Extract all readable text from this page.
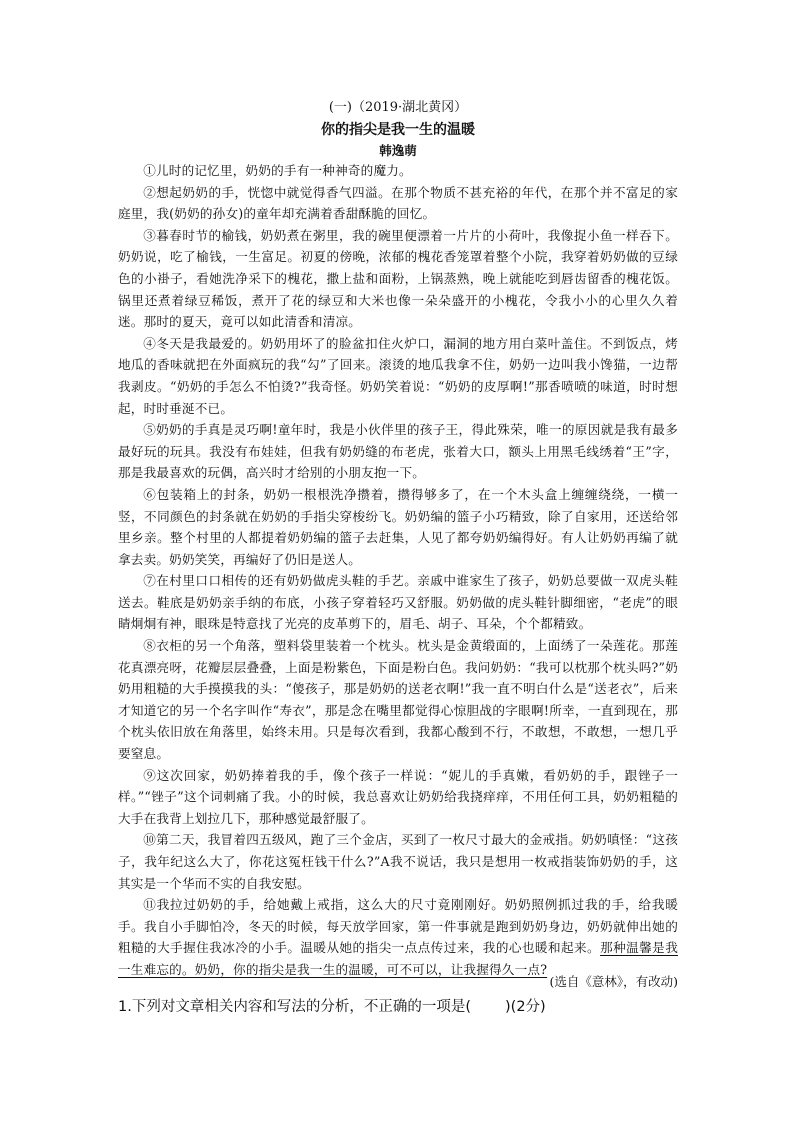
(一)（2019·湖北黄冈）
你的指尖是我一生的温暖
韩逸萌

①儿时的记忆里，奶奶的手有一种神奇的魔力。

②想起奶奶的手，恍惚中就觉得香气四溢。在那个物质不甚充裕的年代，在那个并不富足的家庭里，我(奶奶的孙女)的童年却充满着香甜酥脆的回忆。

③暮春时节的榆钱，奶奶煮在粥里，我的碗里便漂着一片片的小荷叶，我像捉小鱼一样吞下。奶奶说，吃了榆钱，一生富足。初夏的傍晚，浓郁的槐花香笼罩着整个小院，我穿着奶奶做的豆绿色的小褂子，看她洗净采下的槐花，撒上盐和面粉，上锅蒸熟，晚上就能吃到唇齿留香的槐花饭。锅里还煮着绿豆稀饭，煮开了花的绿豆和大米也像一朵朵盛开的小槐花，令我小小的心里久久着迷。那时的夏天，竟可以如此清香和清凉。

④冬天是我最爱的。奶奶用坏了的脸盆扣住火炉口，漏洞的地方用白菜叶盖住。不到饭点，烤地瓜的香味就把在外面疯玩的我“勾”了回来。滚烫的地瓜我拿不住，奶奶一边叫我小馋猫，一边帮我剥皮。“奶奶的手怎么不怕烫?”我奇怪。奶奶笑着说：“奶奶的皮厚啊!”那香喷喷的味道，时时想起，时时垂涎不已。

⑤奶奶的手真是灵巧啊!童年时，我是小伙伴里的孩子王，得此殊荣，唯一的原因就是我有最多最好玩的玩具。我没有布娃娃，但我有奶奶缝的布老虎，张着大口，额头上用黑毛线绣着“王”字，那是我最喜欢的玩偶，高兴时才给别的小朋友抱一下。

⑥包装箱上的封条，奶奶一根根洗净攒着，攒得够多了，在一个木头盒上缠缠绕绕，一横一竖，不同颜色的封条就在奶奶的手指尖穿梭纷飞。奶奶编的篮子小巧精致，除了自家用，还送给邻里乡亲。整个村里的人都提着奶奶编的篮子去赶集，人见了都夸奶奶编得好。有人让奶奶再编了就拿去卖。奶奶笑笑，再编好了仍旧是送人。

⑦在村里口口相传的还有奶奶做虎头鞋的手艺。亲戚中谁家生了孩子，奶奶总要做一双虎头鞋送去。鞋底是奶奶亲手纳的布底，小孩子穿着轻巧又舒服。奶奶做的虎头鞋针脚细密，“老虎”的眼睛炯炯有神，眼珠是特意找了光亮的皮革剪下的，眉毛、胡子、耳朵，个个都精致。

⑧衣柜的另一个角落，塑料袋里装着一个枕头。枕头是金黄缎面的，上面绣了一朵莲花。那莲花真漂亮呀，花瓣层层叠叠，上面是粉紫色，下面是粉白色。我问奶奶：“我可以枕那个枕头吗?”奶奶用粗糙的大手摸摸我的头：“傻孩子，那是奶奶的送老衣啊!”我一直不明白什么是“送老衣”，后来才知道它的另一个名字叫作“寿衣”，那是念在嘴里都觉得心惊胆战的字眼啊!所幸，一直到现在，那个枕头依旧放在角落里，始终未用。只是每次看到，我都心酸到不行，不敢想，不敢想，一想几乎要窒息。

⑨这次回家，奶奶捧着我的手，像个孩子一样说：“妮儿的手真嫩，看奶奶的手，跟锉子一样。”“锉子”这个词刺痛了我。小的时候，我总喜欢让奶奶给我挠痒痒，不用任何工具，奶奶粗糙的大手在我背上划拉几下，那种感觉最舒服了。

⑩第二天，我冒着四五级风，跑了三个金店，买到了一枚尺寸最大的金戒指。奶奶嗔怪：“这孩子，我年纪这么大了，你花这冤枉钱干什么?”A我不说话，我只是想用一枚戒指装饰奶奶的手，这其实是一个华而不实的自我安慰。

⑪我拉过奶奶的手，给她戴上戒指，这么大的尺寸竟刚刚好。奶奶照例抓过我的手，给我暖手。我自小手脚怕冷，冬天的时候，每天放学回家，第一件事就是跑到奶奶身边，奶奶就伸出她的粗糙的大手握住我冰冷的小手。温暖从她的指尖一点点传过来，我的心也暖和起来。那种温馨是我一生难忘的。奶奶，你的指尖是我一生的温暖，可不可以，让我握得久一点?

(选自《意林》，有改动)
1.下列对文章相关内容和写法的分析，不正确的一项是( )(2分)
